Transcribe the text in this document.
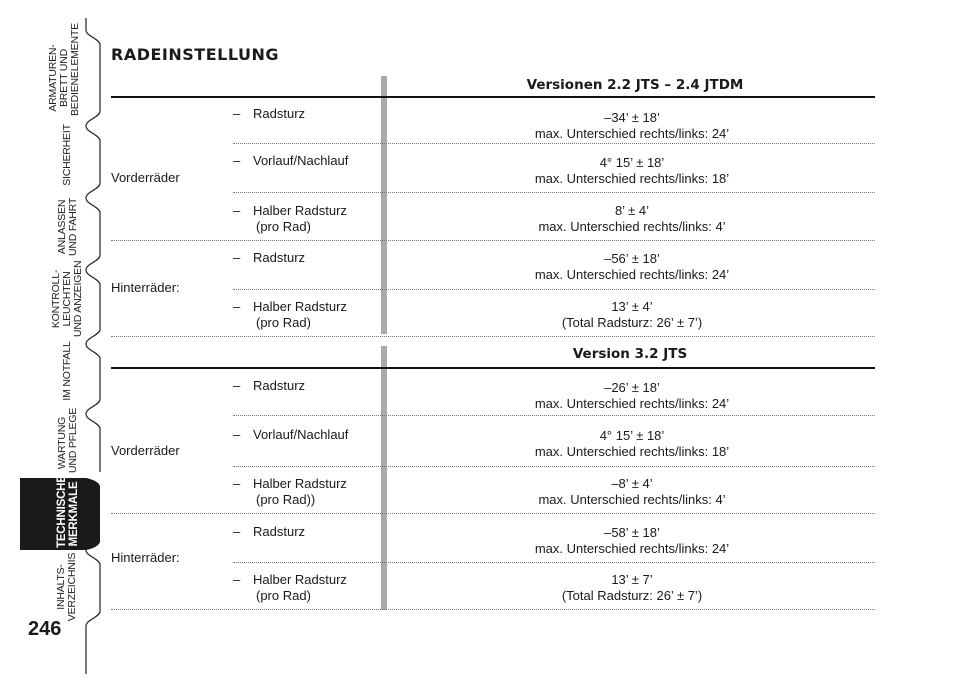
ARMATUREN-
BRETT UND
BEDIENELEMENTE
SICHERHEIT
ANLASSEN
UND FAHRT
KONTROLL-
LEUCHTEN
UND ANZEIGEN
IM NOTFALL
WARTUNG
UND PFLEGE
TECHNISCHE
MERKMALE
INHALTS-
VERZEICHNIS
246
RADEINSTELLUNG
Versionen 2.2 JTS – 2.4 JTDM
Vorderräder
– Radsturz	–34’ ± 18’
max. Unterschied rechts/links: 24’
– Vorlauf/Nachlauf	4° 15’ ± 18’
max. Unterschied rechts/links: 18’
– Halber Radsturz
(pro Rad)
8’ ± 4’
max. Unterschied rechts/links: 4’
Hinterräder:
– Radsturz	–56’ ± 18’
max. Unterschied rechts/links: 24’
– Halber Radsturz
(pro Rad)
13’ ± 4’
(Total Radsturz: 26’ ± 7’)
Version 3.2 JTS
Vorderräder
– Radsturz	–26’ ± 18’
max. Unterschied rechts/links: 24’
– Vorlauf/Nachlauf	4° 15’ ± 18’
max. Unterschied rechts/links: 18’
– Halber Radsturz
(pro Rad))
–8’ ± 4’
max. Unterschied rechts/links: 4’
Hinterräder:
– Radsturz	–58’ ± 18’
max. Unterschied rechts/links: 24’
– Halber Radsturz
(pro Rad)
13’ ± 7’
(Total Radsturz: 26’ ± 7’)
